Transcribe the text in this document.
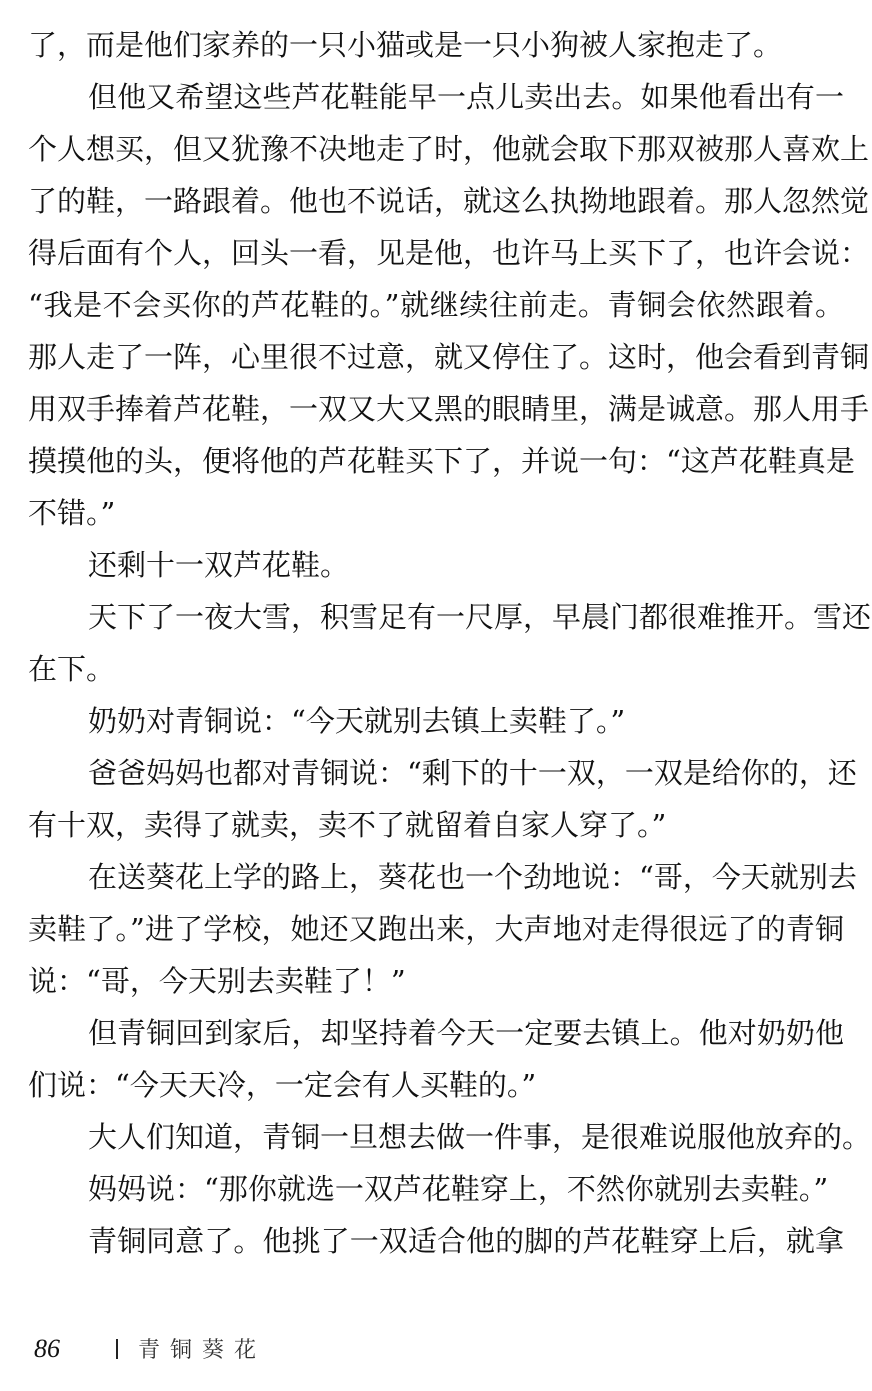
了，而是他们家养的一只小猫或是一只小狗被人家抱走了。
但他又希望这些芦花鞋能早一点儿卖出去。如果他看出有一
个人想买，但又犹豫不决地走了时，他就会取下那双被那人喜欢上
了的鞋，一路跟着。他也不说话，就这么执拗地跟着。那人忽然觉
得后面有个人，回头一看，见是他，也许马上买下了，也许会说：
“我是不会买你的芦花鞋的。”就继续往前走。青铜会依然跟着。
那人走了一阵，心里很不过意，就又停住了。这时，他会看到青铜
用双手捧着芦花鞋，一双又大又黑的眼睛里，满是诚意。那人用手
摸摸他的头，便将他的芦花鞋买下了，并说一句：“这芦花鞋真是
不错。”
还剩十一双芦花鞋。
天下了一夜大雪，积雪足有一尺厚，早晨门都很难推开。雪还
在下。
奶奶对青铜说：“今天就别去镇上卖鞋了。”
爸爸妈妈也都对青铜说：“剩下的十一双，一双是给你的，还
有十双，卖得了就卖，卖不了就留着自家人穿了。”
在送葵花上学的路上，葵花也一个劲地说：“哥，今天就别去
卖鞋了。”进了学校，她还又跑出来，大声地对走得很远了的青铜
说：“哥，今天别去卖鞋了！”
但青铜回到家后，却坚持着今天一定要去镇上。他对奶奶他
们说：“今天天冷，一定会有人买鞋的。”
大人们知道，青铜一旦想去做一件事，是很难说服他放弃的。
妈妈说：“那你就选一双芦花鞋穿上，不然你就别去卖鞋。”
青铜同意了。他挑了一双适合他的脚的芦花鞋穿上后，就拿
86	青铜葵花
